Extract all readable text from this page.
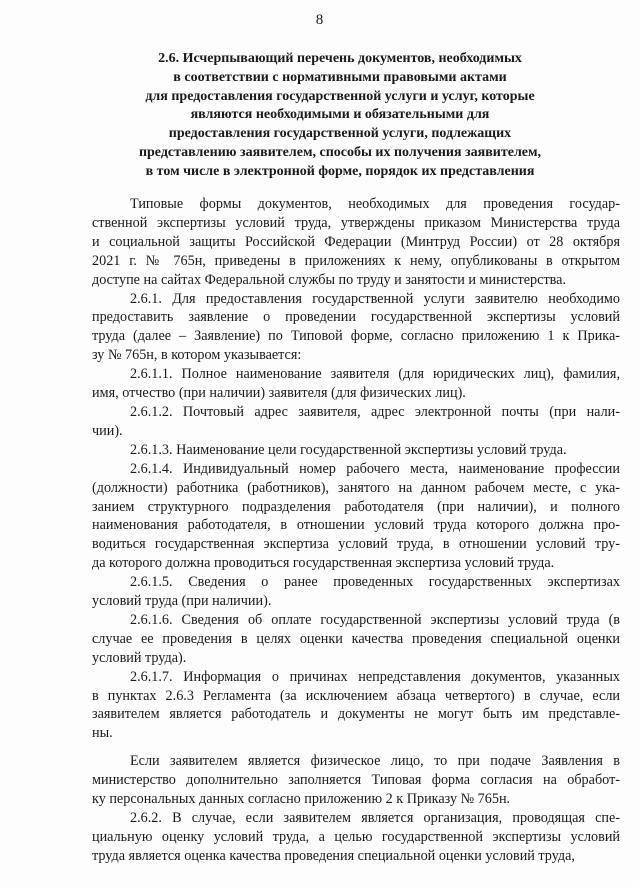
8
2.6. Исчерпывающий перечень документов, необходимых
в соответствии с нормативными правовыми актами
для предоставления государственной услуги и услуг, которые
являются необходимыми и обязательными для
предоставления государственной услуги, подлежащих
представлению заявителем, способы их получения заявителем,
в том числе в электронной форме, порядок их представления
Типовые формы документов, необходимых для проведения государ-
ственной экспертизы условий труда, утверждены приказом Министерства труда
и социальной защиты Российской Федерации (Минтруд России) от 28 октября
2021 г. № 765н, приведены в приложениях к нему, опубликованы в открытом
доступе на сайтах Федеральной службы по труду и занятости и министерства.
2.6.1. Для предоставления государственной услуги заявителю необходимо
предоставить заявление о проведении государственной экспертизы условий
труда (далее – Заявление) по Типовой форме, согласно приложению 1 к Прика-
зу № 765н, в котором указывается:
2.6.1.1. Полное наименование заявителя (для юридических лиц), фамилия,
имя, отчество (при наличии) заявителя (для физических лиц).
2.6.1.2. Почтовый адрес заявителя, адрес электронной почты (при нали-
чии).
2.6.1.3. Наименование цели государственной экспертизы условий труда.
2.6.1.4. Индивидуальный номер рабочего места, наименование профессии
(должности) работника (работников), занятого на данном рабочем месте, с ука-
занием структурного подразделения работодателя (при наличии), и полного
наименования работодателя, в отношении условий труда которого должна про-
водиться государственная экспертиза условий труда, в отношении условий тру-
да которого должна проводиться государственная экспертиза условий труда.
2.6.1.5. Сведения о ранее проведенных государственных экспертизах
условий труда (при наличии).
2.6.1.6. Сведения об оплате государственной экспертизы условий труда (в
случае ее проведения в целях оценки качества проведения специальной оценки
условий труда).
2.6.1.7. Информация о причинах непредставления документов, указанных
в пунктах 2.6.3 Регламента (за исключением абзаца четвертого) в случае, если
заявителем является работодатель и документы не могут быть им представле-
ны.
Если заявителем является физическое лицо, то при подаче Заявления в
министерство дополнительно заполняется Типовая форма согласия на обработ-
ку персональных данных согласно приложению 2 к Приказу № 765н.
2.6.2. В случае, если заявителем является организация, проводящая спе-
циальную оценку условий труда, а целью государственной экспертизы условий
труда является оценка качества проведения специальной оценки условий труда,
